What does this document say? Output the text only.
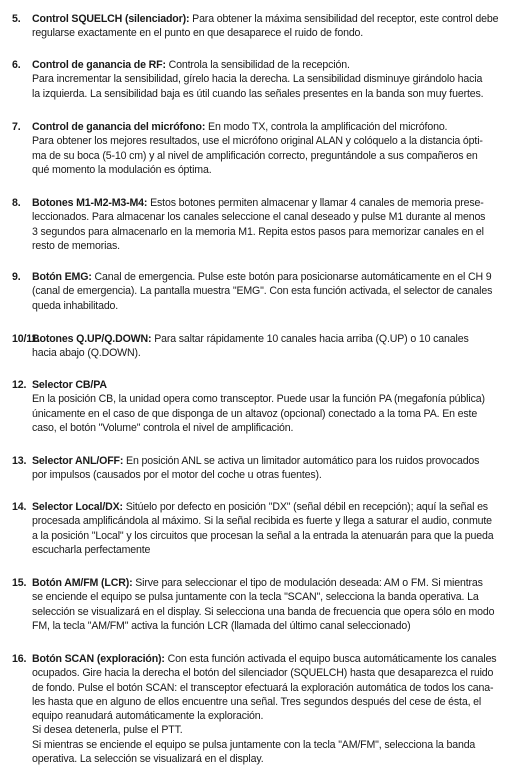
5. Control SQUELCH (silenciador): Para obtener la máxima sensibilidad del receptor, este control debe
regularse exactamente en el punto en que desaparece el ruido de fondo.
6. Control de ganancia de RF: Controla la sensibilidad de la recepción.
Para incrementar la sensibilidad, gírelo hacia la derecha. La sensibilidad disminuye girándolo hacia
la izquierda. La sensibilidad baja es útil cuando las señales presentes en la banda son muy fuertes.
7. Control de ganancia del micrófono: En modo TX, controla la amplificación del micrófono.
Para obtener los mejores resultados, use el micrófono original ALAN y colóquelo a la distancia ópti-
ma de su boca (5-10 cm) y al nivel de amplificación correcto, preguntándole a sus compañeros en
qué momento la modulación es óptima.
8. Botones M1-M2-M3-M4: Estos botones permiten almacenar y llamar 4 canales de memoria prese-
leccionados. Para almacenar los canales seleccione el canal deseado y pulse M1 durante al menos
3 segundos para almacenarlo en la memoria M1. Repita estos pasos para memorizar canales en el
resto de memorias.
9. Botón EMG: Canal de emergencia. Pulse este botón para posicionarse automáticamente en el CH 9
(canal de emergencia). La pantalla muestra "EMG". Con esta función activada, el selector de canales
queda inhabilitado.
10/11.
Botones Q.UP/Q.DOWN: Para saltar rápidamente 10 canales hacia arriba (Q.UP) o 10 canales
hacia abajo (Q.DOWN).
12. Selector CB/PA
En la posición CB, la unidad opera como transceptor. Puede usar la función PA (megafonía pública)
únicamente en el caso de que disponga de un altavoz (opcional) conectado a la toma PA. En este
caso, el botón "Volume" controla el nivel de amplificación.
13. Selector ANL/OFF: En posición ANL se activa un limitador automático para los ruidos provocados
por impulsos (causados por el motor del coche u otras fuentes).
14. Selector Local/DX: Sitúelo por defecto en posición "DX" (señal débil en recepción); aquí la señal es
procesada amplificándola al máximo. Si la señal recibida es fuerte y llega a saturar el audio, conmute
a la posición "Local" y los circuitos que procesan la señal a la entrada la atenuarán para que la pueda
escucharla perfectamente
15. Botón AM/FM (LCR): Sirve para seleccionar el tipo de modulación deseada: AM o FM. Si mientras
se enciende el equipo se pulsa juntamente con la tecla "SCAN", selecciona la banda operativa. La
selección se visualizará en el display. Si selecciona una banda de frecuencia que opera sólo en modo
FM, la tecla "AM/FM" activa la función LCR (llamada del último canal seleccionado)
16. Botón SCAN (exploración): Con esta función activada el equipo busca automáticamente los canales
ocupados. Gire hacia la derecha el botón del silenciador (SQUELCH) hasta que desaparezca el ruido
de fondo. Pulse el botón SCAN: el transceptor efectuará la exploración automática de todos los cana-
les hasta que en alguno de ellos encuentre una señal. Tres segundos después del cese de ésta, el
equipo reanudará automáticamente la exploración.
Si desea detenerla, pulse el PTT.
Si mientras se enciende el equipo se pulsa juntamente con la tecla "AM/FM", selecciona la banda
operativa. La selección se visualizará en el display.
